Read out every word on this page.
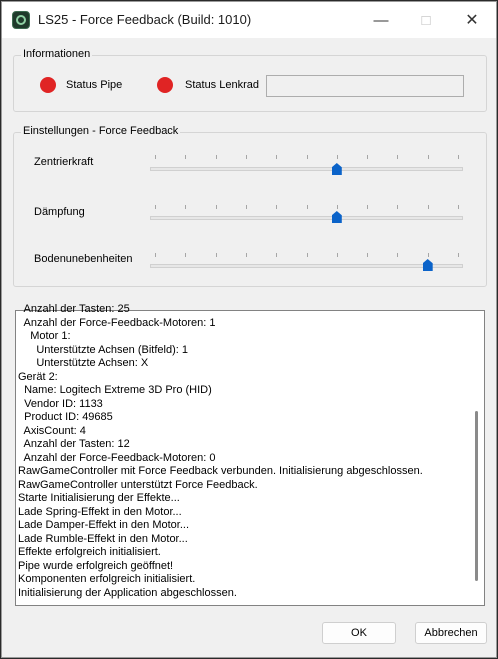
LS25 - Force Feedback (Build: 1010)	—	□	✕
Informationen
Status Pipe	Status Lenkrad
Einstellungen - Force Feedback
Zentrierkraft
Dämpfung
Bodenunebenheiten
Anzahl der Tasten: 25
Anzahl der Force-Feedback-Motoren: 1
Motor 1:
Unterstützte Achsen (Bitfeld): 1
Unterstützte Achsen: X
Gerät 2:
Name: Logitech Extreme 3D Pro (HID)
Vendor ID: 1133
Product ID: 49685
AxisCount: 4
Anzahl der Tasten: 12
Anzahl der Force-Feedback-Motoren: 0
RawGameController mit Force Feedback verbunden. Initialisierung abgeschlossen.
RawGameController unterstützt Force Feedback.
Starte Initialisierung der Effekte...
Lade Spring-Effekt in den Motor...
Lade Damper-Effekt in den Motor...
Lade Rumble-Effekt in den Motor...
Effekte erfolgreich initialisiert.
Pipe wurde erfolgreich geöffnet!
Komponenten erfolgreich initialisiert.
Initialisierung der Application abgeschlossen.
OK	Abbrechen
